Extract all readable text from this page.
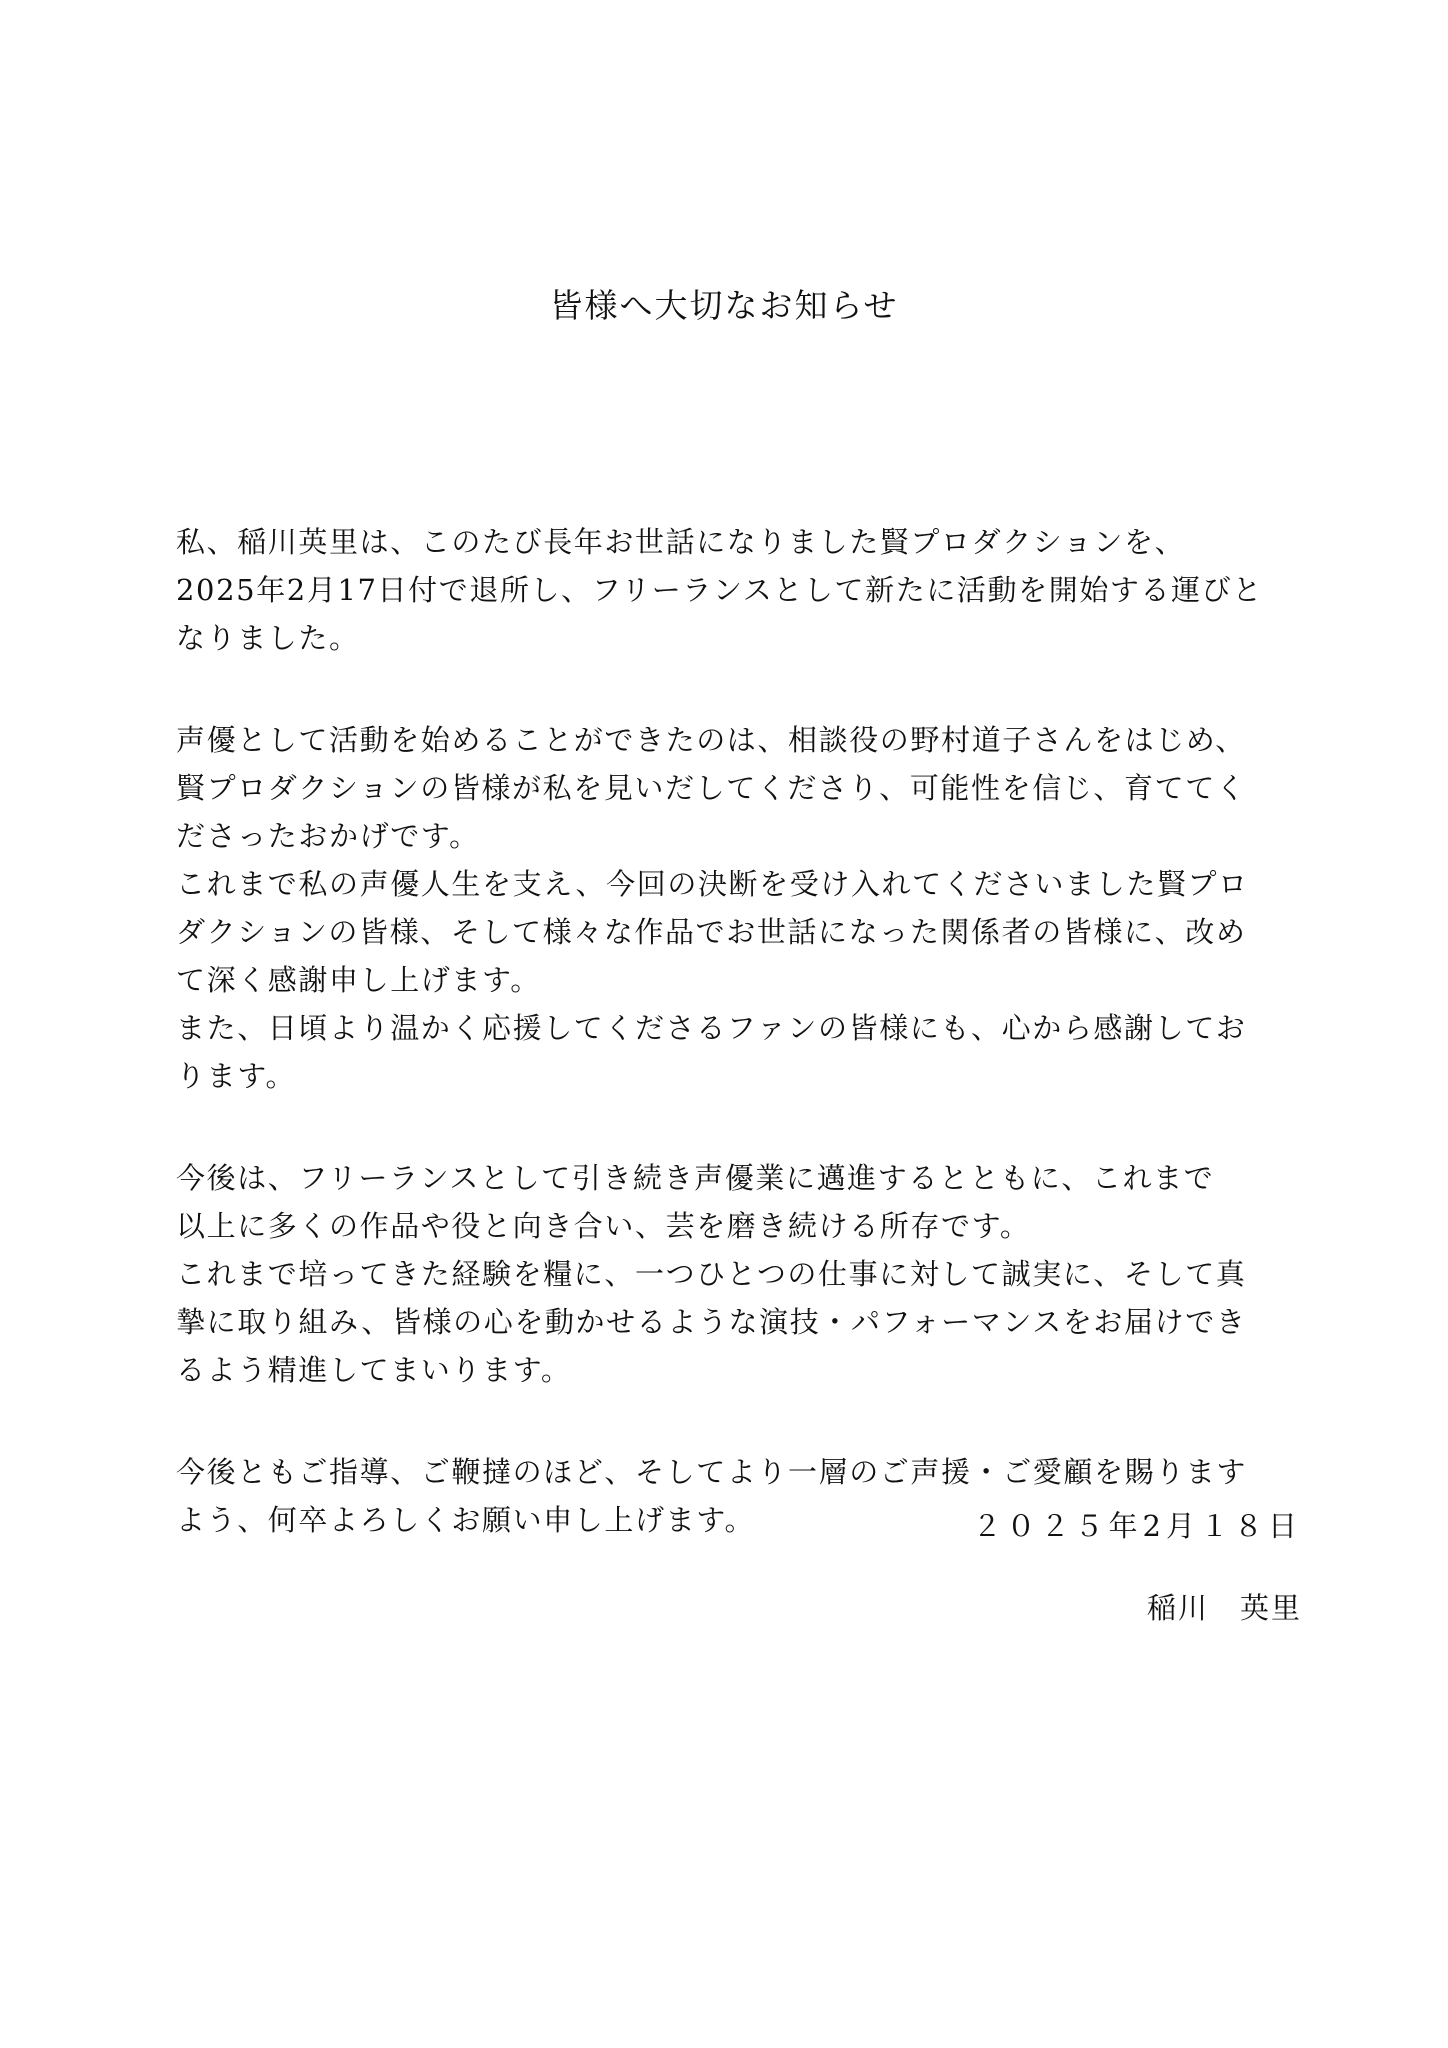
皆様へ大切なお知らせ
私、稲川英里は、このたび長年お世話になりました賢プロダクションを、
2025年2月17日付で退所し、フリーランスとして新たに活動を開始する運びと
なりました。
声優として活動を始めることができたのは、相談役の野村道子さんをはじめ、
賢プロダクションの皆様が私を見いだしてくださり、可能性を信じ、育ててく
ださったおかげです。
これまで私の声優人生を支え、今回の決断を受け入れてくださいました賢プロ
ダクションの皆様、そして様々な作品でお世話になった関係者の皆様に、改め
て深く感謝申し上げます。
また、日頃より温かく応援してくださるファンの皆様にも、心から感謝してお
ります。
今後は、フリーランスとして引き続き声優業に邁進するとともに、これまで
以上に多くの作品や役と向き合い、芸を磨き続ける所存です。
これまで培ってきた経験を糧に、一つひとつの仕事に対して誠実に、そして真
摯に取り組み、皆様の心を動かせるような演技・パフォーマンスをお届けでき
るよう精進してまいります。
今後ともご指導、ご鞭撻のほど、そしてより一層のご声援・ご愛顧を賜ります
よう、何卒よろしくお願い申し上げます。	２０２５年2月１８日
稲川　英里
